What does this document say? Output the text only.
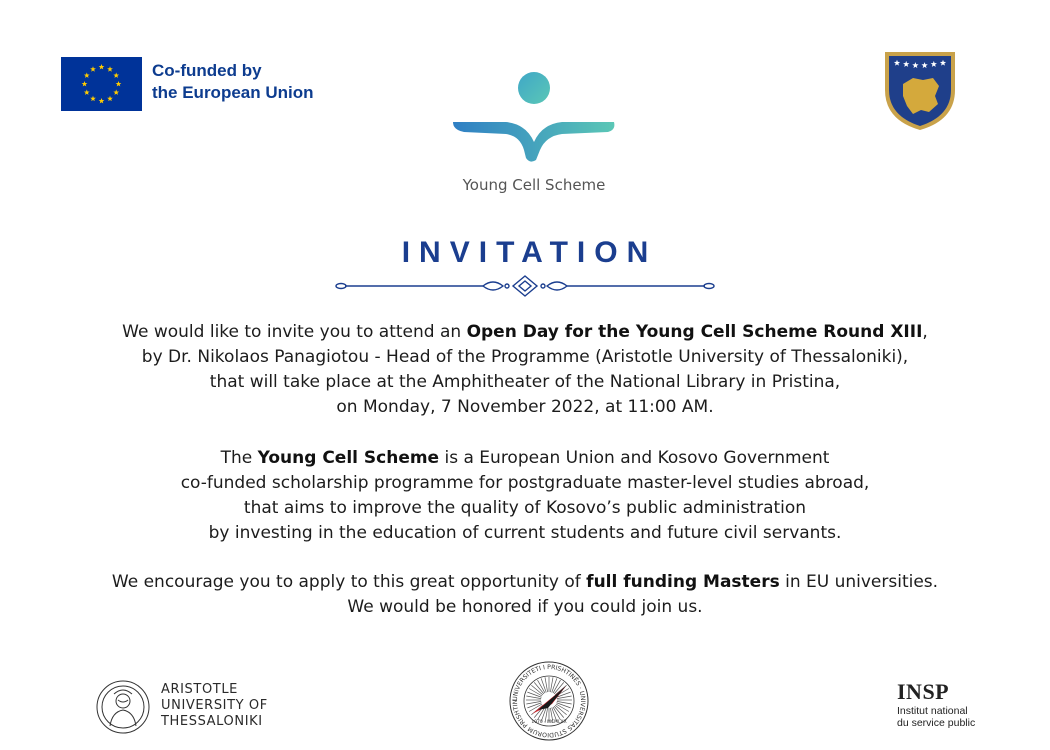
Co-funded by
the European Union
Young Cell Scheme
INVITATION
We would like to invite you to attend an Open Day for the Young Cell Scheme Round XIII,
by Dr. Nikolaos Panagiotou - Head of the Programme (Aristotle University of Thessaloniki),
that will take place at the Amphitheater of the National Library in Pristina,
on Monday, 7 November 2022, at 11:00 AM.
The Young Cell Scheme is a European Union and Kosovo Government
co-funded scholarship programme for postgraduate master-level studies abroad,
that aims to improve the quality of Kosovo’s public administration
by investing in the education of current students and future civil servants.
We encourage you to apply to this great opportunity of full funding Masters in EU universities.
We would be honored if you could join us.
ARISTOTLE
UNIVERSITY OF
THESSALONIKI
UNIVERSITETI I PRISHTINËS · UNIVERSITAS STUDIORUM PRISHTIN
1970 · MCMLXX
INSP
Institut national
du service public
